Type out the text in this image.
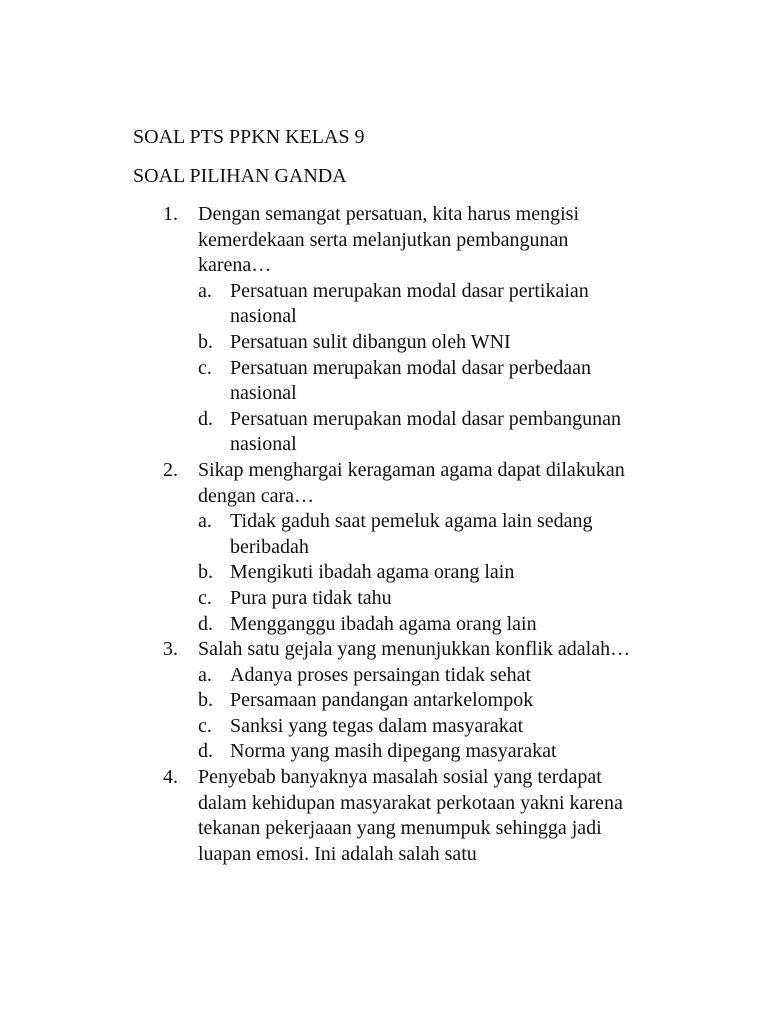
SOAL PTS PPKN KELAS 9
SOAL PILIHAN GANDA
1.	Dengan semangat persatuan, kita harus mengisi kemerdekaan serta melanjutkan pembangunan karena…
a. Persatuan merupakan modal dasar pertikaian nasional
b. Persatuan sulit dibangun oleh WNI
c. Persatuan merupakan modal dasar perbedaan nasional
d. Persatuan merupakan modal dasar pembangunan nasional
2.	Sikap menghargai keragaman agama dapat dilakukan dengan cara…
a. Tidak gaduh saat pemeluk agama lain sedang beribadah
b. Mengikuti ibadah agama orang lain
c. Pura pura tidak tahu
d. Mengganggu ibadah agama orang lain
3.	Salah satu gejala yang menunjukkan konflik adalah…
a. Adanya proses persaingan tidak sehat
b. Persamaan pandangan antarkelompok
c. Sanksi yang tegas dalam masyarakat
d. Norma yang masih dipegang masyarakat
4.	Penyebab banyaknya masalah sosial yang terdapat dalam kehidupan masyarakat perkotaan yakni karena tekanan pekerjaaan yang menumpuk sehingga jadi luapan emosi. Ini adalah salah satu
